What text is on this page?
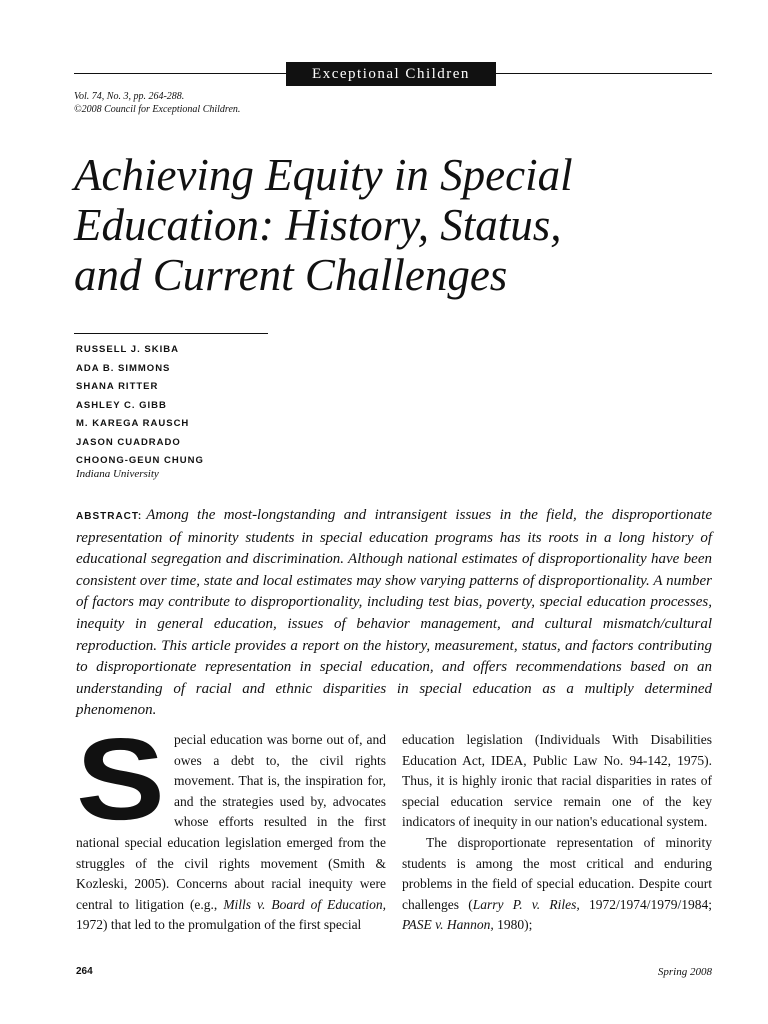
Exceptional Children
Vol. 74, No. 3, pp. 264-288.
©2008 Council for Exceptional Children.
Achieving Equity in Special
Education: History, Status,
and Current Challenges
RUSSELL J. SKIBA
ADA B. SIMMONS
SHANA RITTER
ASHLEY C. GIBB
M. KAREGA RAUSCH
JASON CUADRADO
CHOONG-GEUN CHUNG
Indiana University

ABSTRACT: Among the most-longstanding and intransigent issues in the field, the disproportionate representation of minority students in special education programs has its roots in a long history of educational segregation and discrimination. Although national estimates of disproportionality have been consistent over time, state and local estimates may show varying patterns of disproportionality. A number of factors may contribute to disproportionality, including test bias, poverty, special education processes, inequity in general education, issues of behavior management, and cultural mismatch/cultural reproduction. This article provides a report on the history, measurement, status, and factors contributing to disproportionate representation in special education, and offers recommendations based on an understanding of racial and ethnic disparities in special education as a multiply determined phenomenon.

Special education was borne out of, and owes a debt to, the civil rights movement. That is, the inspiration for, and the strategies used by, advocates whose efforts resulted in the first national special education legislation emerged from the struggles of the civil rights movement (Smith & Kozleski, 2005). Concerns about racial inequity were central to litigation (e.g., Mills v. Board of Education, 1972) that led to the promulgation of the first special

education legislation (Individuals With Disabilities Education Act, IDEA, Public Law No. 94-142, 1975). Thus, it is highly ironic that racial disparities in rates of special education service remain one of the key indicators of inequity in our nation's educational system.

The disproportionate representation of minority students is among the most critical and enduring problems in the field of special education. Despite court challenges (Larry P. v. Riles, 1972/1974/1979/1984; PASE v. Hannon, 1980);

264	Spring 2008
